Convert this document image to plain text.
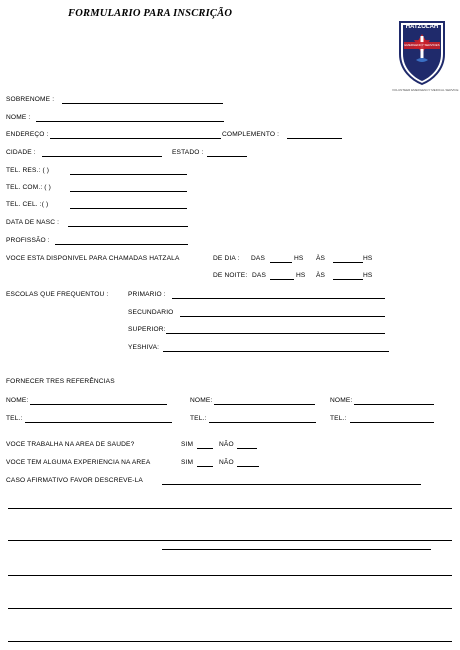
FORMULARIO PARA INSCRIÇÃO
HATZOLAH
EMERGENCY SERVICES
VOLUNTEER EMERGENCY MEDICAL SERVICE
SOBRENOME :
NOME :
ENDEREÇO :	COMPLEMENTO :
CIDADE :	ESTADO :
TEL. RES.: ( )
TEL. COM.: ( )
TEL. CEL. :( )
DATA DE NASC :
PROFISSÃO :
VOCE ESTA DISPONIVEL PARA CHAMADAS HATZALA	DE DIA : DAS	HS ÀS	HS
DE NOITE: DAS	HS ÀS	HS
ESCOLAS QUE FREQUENTOU :	PRIMARIO :
SECUNDARIO
SUPERIOR:
YESHIVA:
FORNECER TRES REFERÊNCIAS
NOME:	NOME:	NOME:
TEL.:	TEL.:	TEL.:
VOCE TRABALHA NA AREA DE SAUDE?	SIM	NÃO
VOCE TEM ALGUMA EXPERIENCIA NA AREA	SIM	NÃO
CASO AFIRMATIVO FAVOR DESCREVE-LA
